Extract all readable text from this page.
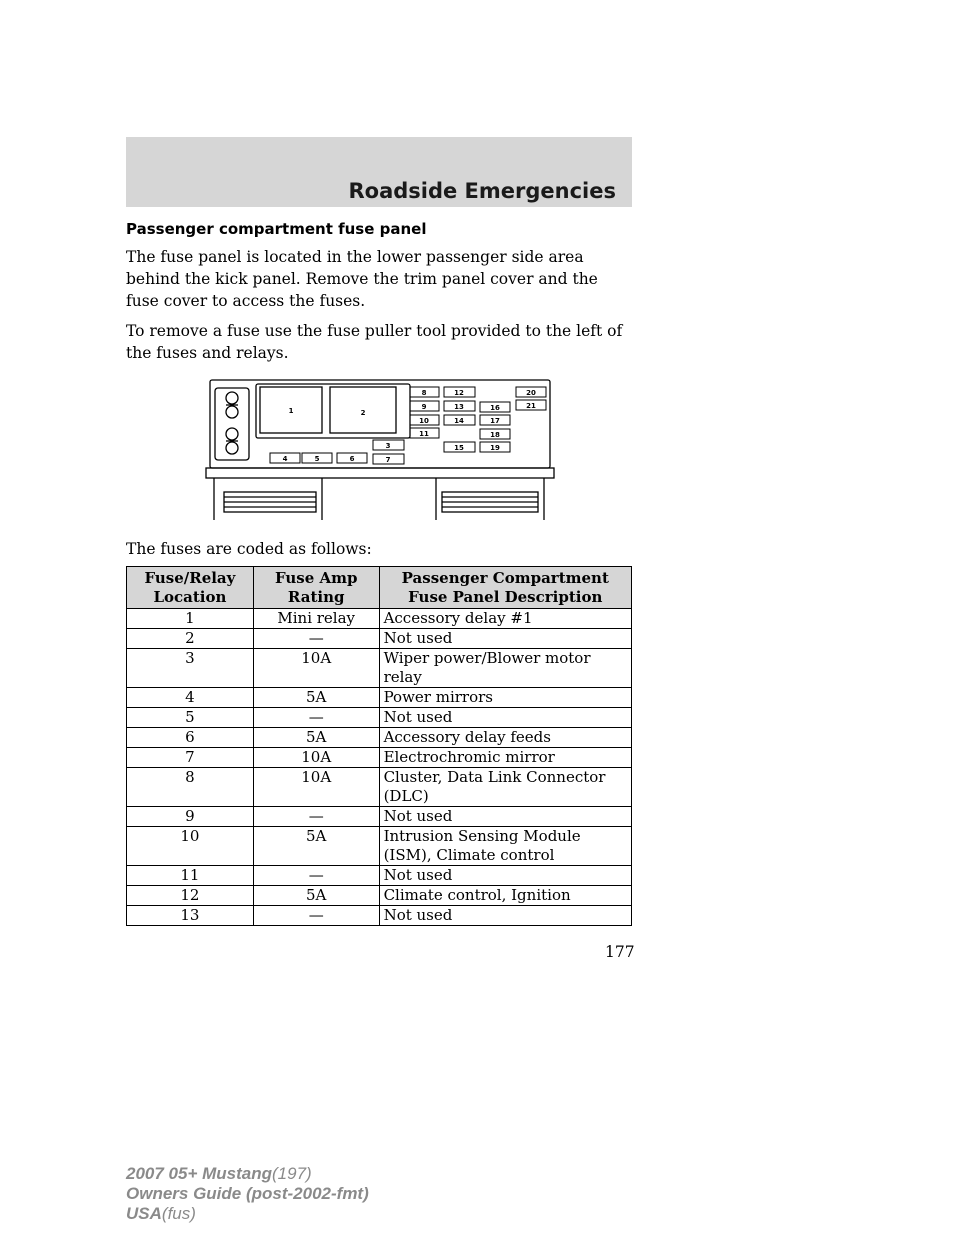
Roadside Emergencies
Passenger compartment fuse panel
The fuse panel is located in the lower passenger side area behind the kick panel. Remove the trim panel cover and the fuse cover to access the fuses.
To remove a fuse use the fuse puller tool provided to the left of the fuses and relays.
1	2
4	5	6	7
3
8
9
10
11
12
13
14
15
16
17
18
19
20
21
The fuses are coded as follows:
Fuse/Relay Location	Fuse Amp Rating	Passenger Compartment Fuse Panel Description
1	Mini relay	Accessory delay #1
2	—	Not used
3	10A	Wiper power/Blower motor relay
4	5A	Power mirrors
5	—	Not used
6	5A	Accessory delay feeds
7	10A	Electrochromic mirror
8	10A	Cluster, Data Link Connector (DLC)
9	—	Not used
10	5A	Intrusion Sensing Module (ISM), Climate control
11	—	Not used
12	5A	Climate control, Ignition
13	—	Not used
177
2007 05+ Mustang(197)
Owners Guide (post-2002-fmt)
USA(fus)
